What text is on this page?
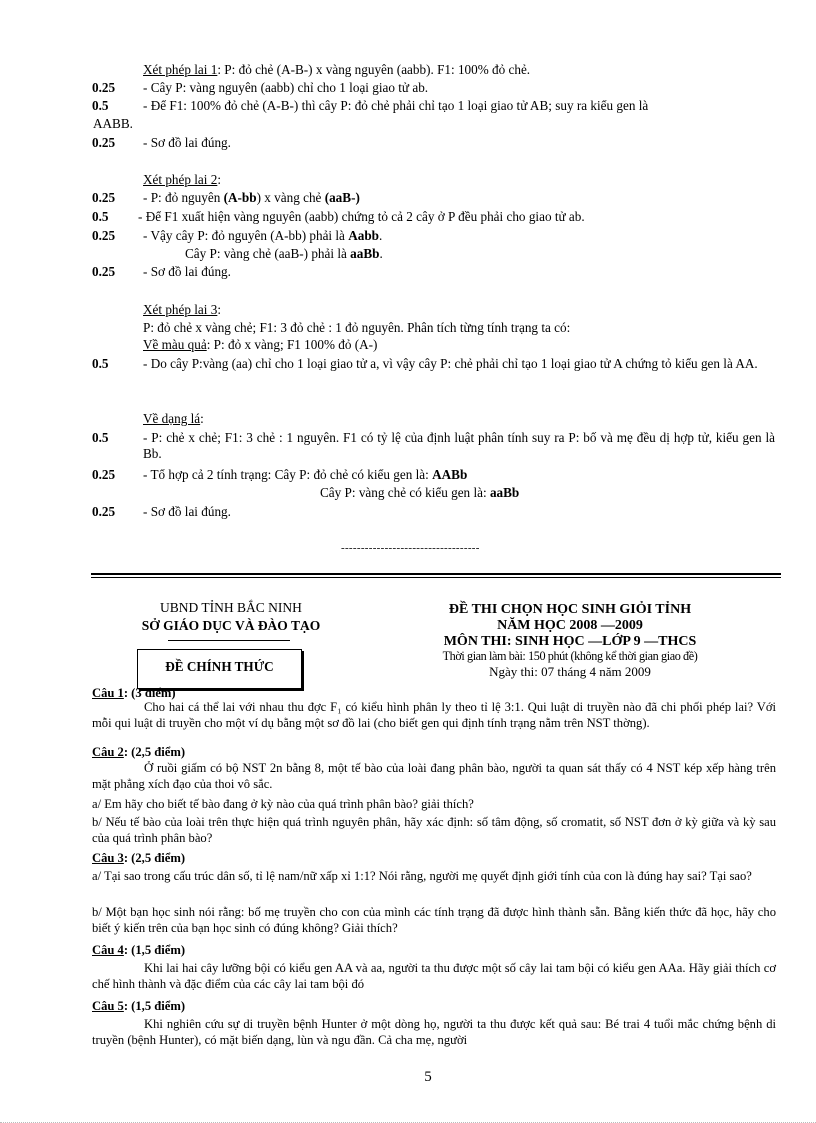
Xét phép lai 1: P: đỏ chẻ (A-B-) x vàng nguyên (aabb). F1: 100% đỏ chẻ.
0.25 - Cây P: vàng nguyên (aabb) chỉ cho 1 loại giao tử ab.
0.5	- Để F1: 100% đỏ chẻ (A-B-) thì cây P: đỏ chẻ phải chỉ tạo 1 loại giao tử AB; suy ra kiểu gen là
AABB.
0.25 - Sơ đồ lai đúng.
Xét phép lai 2:
0.25 - P: đỏ nguyên (A-bb) x vàng chẻ (aaB-)
0.5 - Để F1 xuất hiện vàng nguyên (aabb) chứng tỏ cả 2 cây ở P đều phải cho giao tử ab.
0.25 - Vậy cây P: đỏ nguyên (A-bb) phải là Aabb.
Cây P: vàng chẻ (aaB-) phải là aaBb.
0.25 - Sơ đồ lai đúng.
Xét phép lai 3:
P: đỏ chẻ x vàng chẻ; F1: 3 đỏ chẻ : 1 đỏ nguyên. Phân tích từng tính trạng ta có:
Về màu quả: P: đỏ x vàng; F1 100% đỏ (A-)
0.5	- Do cây P:vàng (aa) chỉ cho 1 loại giao tử a, vì vậy cây P: chẻ phải chỉ tạo 1 loại giao tử A chứng tỏ kiểu gen là AA.
Về dạng lá:
0.5	- P: chẻ x chẻ; F1: 3 chẻ : 1 nguyên. F1 có tỷ lệ của định luật phân tính suy ra P: bố và mẹ đều dị hợp tử, kiểu gen là Bb.
0.25 - Tổ hợp cả 2 tính trạng: Cây P: đỏ chẻ có kiểu gen là: AABb
Cây P: vàng chẻ có kiểu gen là: aaBb
0.25 - Sơ đồ lai đúng.
-----------------------------------
UBND TỈNH BẮC NINH
SỞ GIÁO DỤC VÀ ĐÀO TẠO
ĐỀ CHÍNH THỨC
ĐỀ THI CHỌN HỌC SINH GIỎI TỈNH
NĂM HỌC 2008 —2009
MÔN THI: SINH HỌC —LỚP 9 —THCS
Thời gian làm bài: 150 phút (không kể thời gian giao đề)
Ngày thi: 07 tháng 4 năm 2009
Câu 1: (3 điểm)
Cho hai cá thể lai với nhau thu đợc F₁ có kiểu hình phân ly theo tỉ lệ 3:1. Qui luật di truyền nào đã chi phối phép lai? Với mỗi qui luật di truyền cho một ví dụ bằng một sơ đồ lai (cho biết gen qui định tính trạng nằm trên NST thờng).
Câu 2: (2,5 điểm)
Ở ruồi giấm có bộ NST 2n bằng 8, một tế bào của loài đang phân bào, người ta quan sát thấy có 4 NST kép xếp hàng trên mặt phẳng xích đạo của thoi vô sắc.
a/ Em hãy cho biết tế bào đang ở kỳ nào của quá trình phân bào? giải thích?
b/ Nếu tế bào của loài trên thực hiện quá trình nguyên phân, hãy xác định: số tâm động, số cromatit, số NST đơn ở kỳ giữa và kỳ sau của quá trình phân bào?
Câu 3: (2,5 điểm)
a/ Tại sao trong cấu trúc dân số, tỉ lệ nam/nữ xấp xỉ 1:1? Nói rằng, người mẹ quyết định giới tính của con là đúng hay sai? Tại sao?
b/ Một bạn học sinh nói rằng: bố mẹ truyền cho con của mình các tính trạng đã được hình thành sẵn. Bằng kiến thức đã học, hãy cho biết ý kiến trên của bạn học sinh có đúng không? Giải thích?
Câu 4: (1,5 điểm)
Khi lai hai cây lưỡng bội có kiểu gen AA và aa, người ta thu được một số cây lai tam bội có kiểu gen AAa. Hãy giải thích cơ chế hình thành và đặc điểm của các cây lai tam bội đó
Câu 5: (1,5 điểm)
Khi nghiên cứu sự di truyền bệnh Hunter ở một dòng họ, người ta thu được kết quả sau: Bé trai 4 tuổi mắc chứng bệnh di truyền (bệnh Hunter), có mặt biến dạng, lùn và ngu đần. Cả cha mẹ, người
5
